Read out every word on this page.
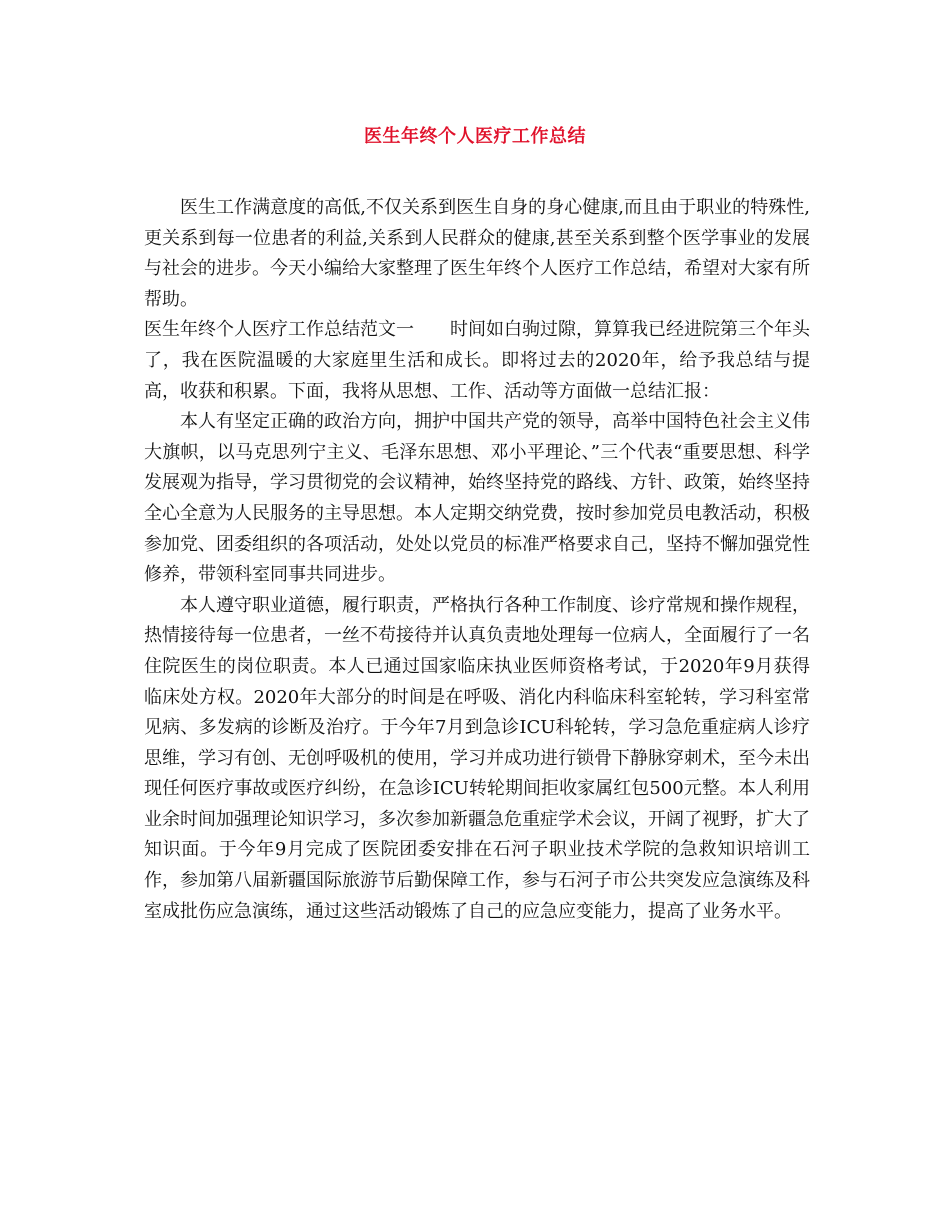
医生年终个人医疗工作总结

医生工作满意度的高低,不仅关系到医生自身的身心健康,而且由于职业的特殊性,更关系到每一位患者的利益,关系到人民群众的健康,甚至关系到整个医学事业的发展与社会的进步。今天小编给大家整理了医生年终个人医疗工作总结，希望对大家有所帮助。

医生年终个人医疗工作总结范文一 时间如白驹过隙，算算我已经进院第三个年头了，我在医院温暖的大家庭里生活和成长。即将过去的2020年，给予我总结与提高，收获和积累。下面，我将从思想、工作、活动等方面做一总结汇报：

本人有坚定正确的政治方向，拥护中国共产党的领导，高举中国特色社会主义伟大旗帜，以马克思列宁主义、毛泽东思想、邓小平理论、”三个代表“重要思想、科学发展观为指导，学习贯彻党的会议精神，始终坚持党的路线、方针、政策，始终坚持全心全意为人民服务的主导思想。本人定期交纳党费，按时参加党员电教活动，积极参加党、团委组织的各项活动，处处以党员的标准严格要求自己，坚持不懈加强党性修养，带领科室同事共同进步。

本人遵守职业道德，履行职责，严格执行各种工作制度、诊疗常规和操作规程，热情接待每一位患者，一丝不苟接待并认真负责地处理每一位病人，全面履行了一名住院医生的岗位职责。本人已通过国家临床执业医师资格考试，于2020年9月获得临床处方权。2020年大部分的时间是在呼吸、消化内科临床科室轮转，学习科室常见病、多发病的诊断及治疗。于今年7月到急诊ICU科轮转，学习急危重症病人诊疗思维，学习有创、无创呼吸机的使用，学习并成功进行锁骨下静脉穿刺术，至今未出现任何医疗事故或医疗纠纷，在急诊ICU转轮期间拒收家属红包500元整。本人利用业余时间加强理论知识学习，多次参加新疆急危重症学术会议，开阔了视野，扩大了知识面。于今年9月完成了医院团委安排在石河子职业技术学院的急救知识培训工作，参加第八届新疆国际旅游节后勤保障工作，参与石河子市公共突发应急演练及科室成批伤应急演练，通过这些活动锻炼了自己的应急应变能力，提高了业务水平。
